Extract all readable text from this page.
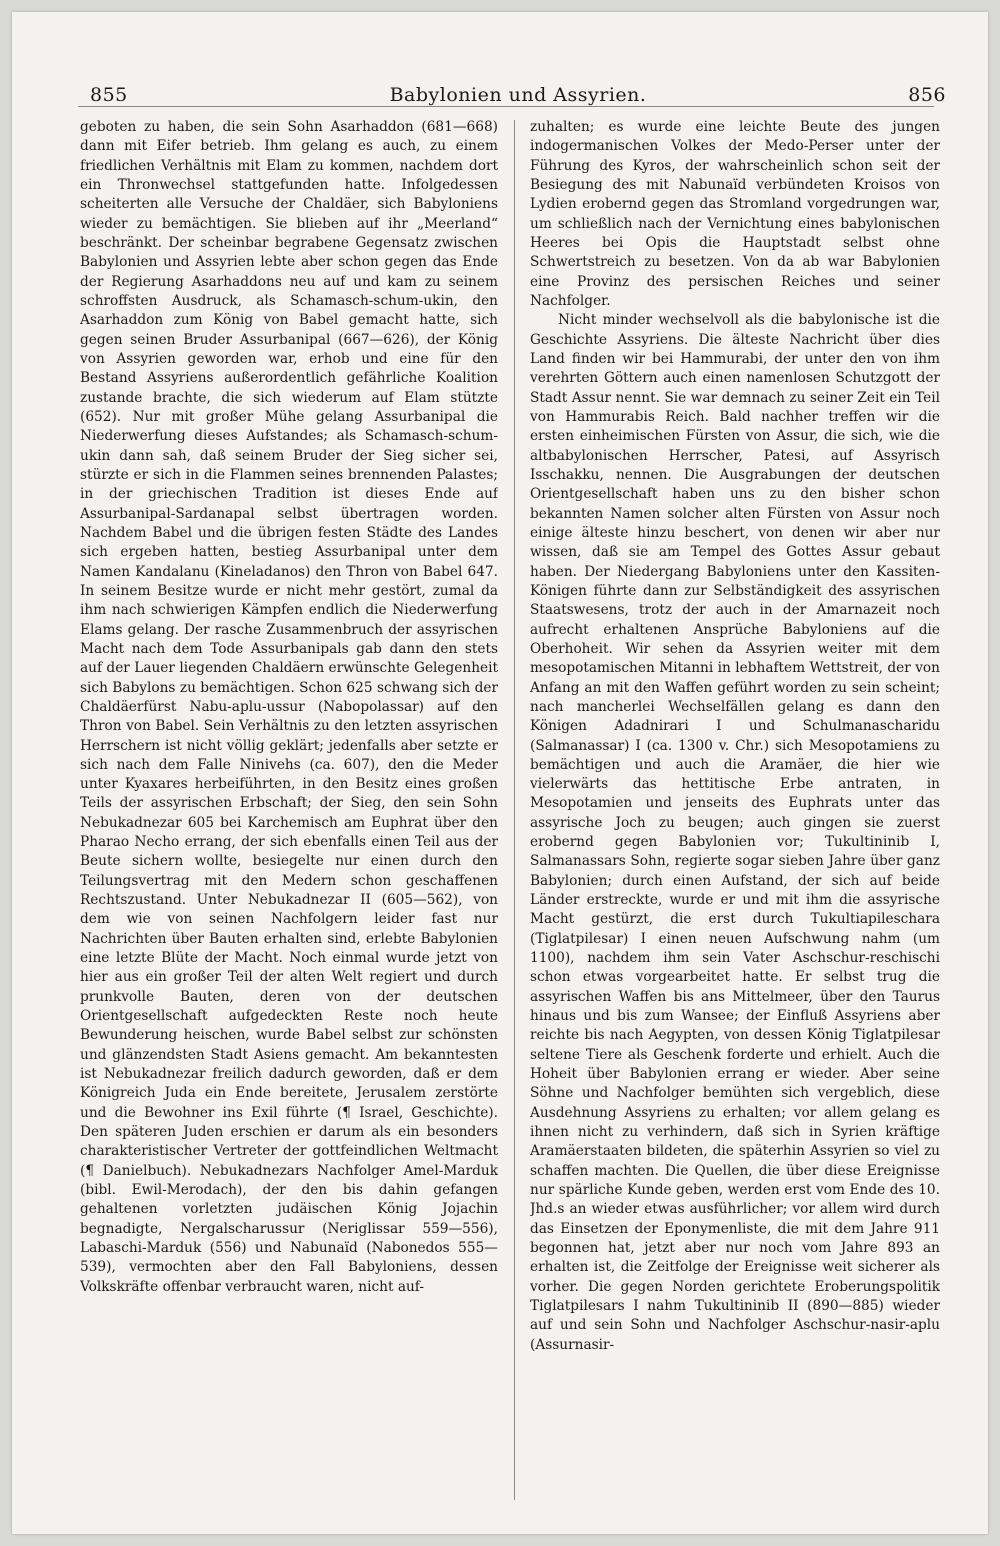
855	Babylonien und Assyrien.	856

geboten zu haben, die sein Sohn Asarhaddon (681—668) dann mit Eifer betrieb. Ihm gelang es auch, zu einem friedlichen Verhältnis mit Elam zu kommen, nachdem dort ein Thronwechsel stattgefunden hatte. Infolgedessen scheiterten alle Versuche der Chaldäer, sich Babyloniens wieder zu bemächtigen. Sie blieben auf ihr „Meerland“ beschränkt. Der scheinbar begrabene Gegensatz zwischen Babylonien und Assyrien lebte aber schon gegen das Ende der Regierung Asarhaddons neu auf und kam zu seinem schroffsten Ausdruck, als Schamasch-schum-ukin, den Asarhaddon zum König von Babel gemacht hatte, sich gegen seinen Bruder Assurbanipal (667—626), der König von Assyrien geworden war, erhob und eine für den Bestand Assyriens außerordentlich gefährliche Koalition zustande brachte, die sich wiederum auf Elam stützte (652). Nur mit großer Mühe gelang Assurbanipal die Niederwerfung dieses Aufstandes; als Schamasch-schum-ukin dann sah, daß seinem Bruder der Sieg sicher sei, stürzte er sich in die Flammen seines brennenden Palastes; in der griechischen Tradition ist dieses Ende auf Assurbanipal-Sardanapal selbst übertragen worden. Nachdem Babel und die übrigen festen Städte des Landes sich ergeben hatten, bestieg Assurbanipal unter dem Namen Kandalanu (Kineladanos) den Thron von Babel 647. In seinem Besitze wurde er nicht mehr gestört, zumal da ihm nach schwierigen Kämpfen endlich die Niederwerfung Elams gelang. Der rasche Zusammenbruch der assyrischen Macht nach dem Tode Assurbanipals gab dann den stets auf der Lauer liegenden Chaldäern erwünschte Gelegenheit sich Babylons zu bemächtigen. Schon 625 schwang sich der Chaldäerfürst Nabu-aplu-ussur (Nabopolassar) auf den Thron von Babel. Sein Verhältnis zu den letzten assyrischen Herrschern ist nicht völlig geklärt; jedenfalls aber setzte er sich nach dem Falle Ninivehs (ca. 607), den die Meder unter Kyaxares herbeiführten, in den Besitz eines großen Teils der assyrischen Erbschaft; der Sieg, den sein Sohn Nebukadnezar 605 bei Karchemisch am Euphrat über den Pharao Necho errang, der sich ebenfalls einen Teil aus der Beute sichern wollte, besiegelte nur einen durch den Teilungsvertrag mit den Medern schon geschaffenen Rechtszustand. Unter Nebukadnezar II (605—562), von dem wie von seinen Nachfolgern leider fast nur Nachrichten über Bauten erhalten sind, erlebte Babylonien eine letzte Blüte der Macht. Noch einmal wurde jetzt von hier aus ein großer Teil der alten Welt regiert und durch prunkvolle Bauten, deren von der deutschen Orientgesellschaft aufgedeckten Reste noch heute Bewunderung heischen, wurde Babel selbst zur schönsten und glänzendsten Stadt Asiens gemacht. Am bekanntesten ist Nebukadnezar freilich dadurch geworden, daß er dem Königreich Juda ein Ende bereitete, Jerusalem zerstörte und die Bewohner ins Exil führte (¶ Israel, Geschichte). Den späteren Juden erschien er darum als ein besonders charakteristischer Vertreter der gottfeindlichen Weltmacht (¶ Danielbuch). Nebukadnezars Nachfolger Amel-Marduk (bibl. Ewil-Merodach), der den bis dahin gefangen gehaltenen vorletzten judäischen König Jojachin begnadigte, Nergalscharussur (Neriglissar 559—556), Labaschi-Marduk (556) und Nabunaïd (Nabonedos 555—539), vermochten aber den Fall Babyloniens, dessen Volkskräfte offenbar verbraucht waren, nicht auf-

zuhalten; es wurde eine leichte Beute des jungen indogermanischen Volkes der Medo-Perser unter der Führung des Kyros, der wahrscheinlich schon seit der Besiegung des mit Nabunaïd verbündeten Kroisos von Lydien erobernd gegen das Stromland vorgedrungen war, um schließlich nach der Vernichtung eines babylonischen Heeres bei Opis die Hauptstadt selbst ohne Schwertstreich zu besetzen. Von da ab war Babylonien eine Provinz des persischen Reiches und seiner Nachfolger.

Nicht minder wechselvoll als die babylonische ist die Geschichte Assyriens. Die älteste Nachricht über dies Land finden wir bei Hammurabi, der unter den von ihm verehrten Göttern auch einen namenlosen Schutzgott der Stadt Assur nennt. Sie war demnach zu seiner Zeit ein Teil von Hammurabis Reich. Bald nachher treffen wir die ersten einheimischen Fürsten von Assur, die sich, wie die altbabylonischen Herrscher, Patesi, auf Assyrisch Isschakku, nennen. Die Ausgrabungen der deutschen Orientgesellschaft haben uns zu den bisher schon bekannten Namen solcher alten Fürsten von Assur noch einige älteste hinzu beschert, von denen wir aber nur wissen, daß sie am Tempel des Gottes Assur gebaut haben. Der Niedergang Babyloniens unter den Kassiten-Königen führte dann zur Selbständigkeit des assyrischen Staatswesens, trotz der auch in der Amarnazeit noch aufrecht erhaltenen Ansprüche Babyloniens auf die Oberhoheit. Wir sehen da Assyrien weiter mit dem mesopotamischen Mitanni in lebhaftem Wettstreit, der von Anfang an mit den Waffen geführt worden zu sein scheint; nach mancherlei Wechselfällen gelang es dann den Königen Adadnirari I und Schulmanascharidu (Salmanassar) I (ca. 1300 v. Chr.) sich Mesopotamiens zu bemächtigen und auch die Aramäer, die hier wie vielerwärts das hettitische Erbe antraten, in Mesopotamien und jenseits des Euphrats unter das assyrische Joch zu beugen; auch gingen sie zuerst erobernd gegen Babylonien vor; Tukultininib I, Salmanassars Sohn, regierte sogar sieben Jahre über ganz Babylonien; durch einen Aufstand, der sich auf beide Länder erstreckte, wurde er und mit ihm die assyrische Macht gestürzt, die erst durch Tukultiapileschara (Tiglatpilesar) I einen neuen Aufschwung nahm (um 1100), nachdem ihm sein Vater Aschschur-reschischi schon etwas vorgearbeitet hatte. Er selbst trug die assyrischen Waffen bis ans Mittelmeer, über den Taurus hinaus und bis zum Wansee; der Einfluß Assyriens aber reichte bis nach Aegypten, von dessen König Tiglatpilesar seltene Tiere als Geschenk forderte und erhielt. Auch die Hoheit über Babylonien errang er wieder. Aber seine Söhne und Nachfolger bemühten sich vergeblich, diese Ausdehnung Assyriens zu erhalten; vor allem gelang es ihnen nicht zu verhindern, daß sich in Syrien kräftige Aramäerstaaten bildeten, die späterhin Assyrien so viel zu schaffen machten. Die Quellen, die über diese Ereignisse nur spärliche Kunde geben, werden erst vom Ende des 10. Jhd.s an wieder etwas ausführlicher; vor allem wird durch das Einsetzen der Eponymenliste, die mit dem Jahre 911 begonnen hat, jetzt aber nur noch vom Jahre 893 an erhalten ist, die Zeitfolge der Ereignisse weit sicherer als vorher. Die gegen Norden gerichtete Eroberungspolitik Tiglatpilesars I nahm Tukultininib II (890—885) wieder auf und sein Sohn und Nachfolger Aschschur-nasir-aplu (Assurnasir-
